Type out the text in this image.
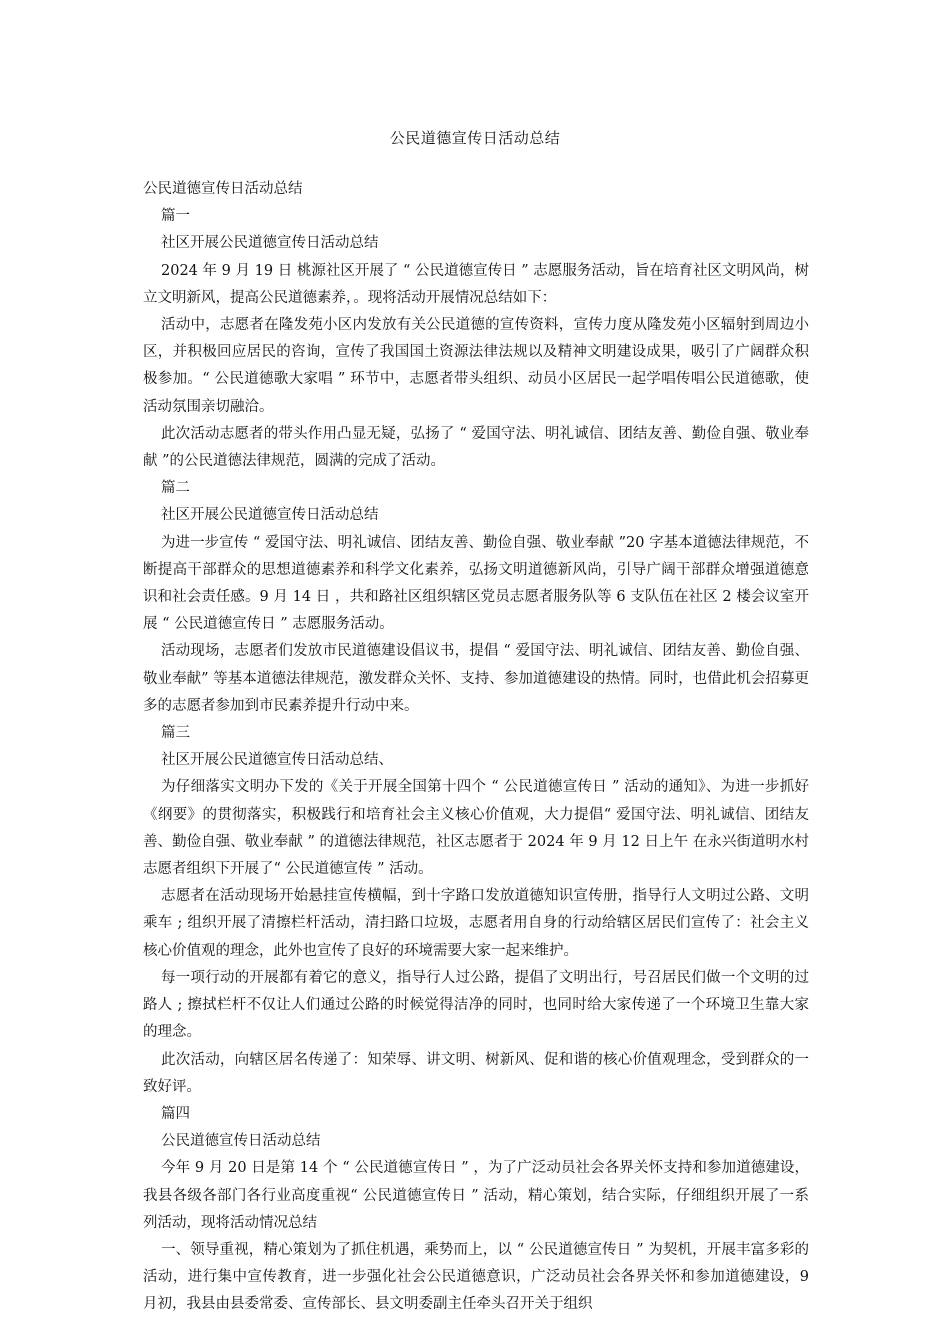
公民道德宣传日活动总结

公民道德宣传日活动总结

篇一

社区开展公民道德宣传日活动总结

2024 年 9 月 19 日 桃源社区开展了 “ 公民道德宣传日 ” 志愿服务活动，旨在培育社区文明风尚，树立文明新风，提高公民道德素养，。现将活动开展情况总结如下：

活动中，志愿者在隆发苑小区内发放有关公民道德的宣传资料，宣传力度从隆发苑小区辐射到周边小区，并积极回应居民的咨询，宣传了我国国土资源法律法规以及精神文明建设成果，吸引了广阔群众积极参加。“ 公民道德歌大家唱 ” 环节中，志愿者带头组织、动员小区居民一起学唱传唱公民道德歌，使活动氛围亲切融洽。

此次活动志愿者的带头作用凸显无疑，弘扬了 “ 爱国守法、明礼诚信、团结友善、勤俭自强、敬业奉献 ”的公民道德法律规范，圆满的完成了活动。

篇二

社区开展公民道德宣传日活动总结

为进一步宣传 “ 爱国守法、明礼诚信、团结友善、勤俭自强、敬业奉献 ”20 字基本道德法律规范，不断提高干部群众的思想道德素养和科学文化素养，弘扬文明道德新风尚，引导广阔干部群众增强道德意识和社会责任感。9 月 14 日 ，共和路社区组织辖区党员志愿者服务队等 6 支队伍在社区 2 楼会议室开展 “ 公民道德宣传日 ” 志愿服务活动。

活动现场，志愿者们发放市民道德建设倡议书，提倡 “ 爱国守法、明礼诚信、团结友善、勤俭自强、敬业奉献” 等基本道德法律规范，激发群众关怀、支持、参加道德建设的热情。同时，也借此机会招募更多的志愿者参加到市民素养提升行动中来。

篇三

社区开展公民道德宣传日活动总结、

为仔细落实文明办下发的《关于开展全国第十四个 “ 公民道德宣传日 ” 活动的通知》、为进一步抓好《纲要》的贯彻落实，积极践行和培育社会主义核心价值观，大力提倡“ 爱国守法、明礼诚信、团结友善、勤俭自强、敬业奉献 ” 的道德法律规范，社区志愿者于 2024 年 9 月 12 日上午 在永兴街道明水村志愿者组织下开展了“ 公民道德宣传 ” 活动。

志愿者在活动现场开始悬挂宣传横幅，到十字路口发放道德知识宣传册，指导行人文明过公路、文明乘车 ; 组织开展了清擦栏杆活动，清扫路口垃圾，志愿者用自身的行动给辖区居民们宣传了：社会主义核心价值观的理念，此外也宣传了良好的环境需要大家一起来维护。

每一项行动的开展都有着它的意义，指导行人过公路，提倡了文明出行，号召居民们做一个文明的过路人 ; 擦拭栏杆不仅让人们通过公路的时候觉得洁净的同时，也同时给大家传递了一个环境卫生靠大家的理念。

此次活动，向辖区居名传递了：知荣辱、讲文明、树新风、促和谐的核心价值观理念，受到群众的一致好评。

篇四

公民道德宣传日活动总结

今年 9 月 20 日是第 14 个 “ 公民道德宣传日 ” ，为了广泛动员社会各界关怀支持和参加道德建设，我县各级各部门各行业高度重视“ 公民道德宣传日 ” 活动，精心策划，结合实际，仔细组织开展了一系列活动，现将活动情况总结

一、领导重视，精心策划为了抓住机遇，乘势而上，以 “ 公民道德宣传日 ” 为契机，开展丰富多彩的活动，进行集中宣传教育，进一步强化社会公民道德意识，广泛动员社会各界关怀和参加道德建设，9 月初，我县由县委常委、宣传部长、县文明委副主任牵头召开关于组织
